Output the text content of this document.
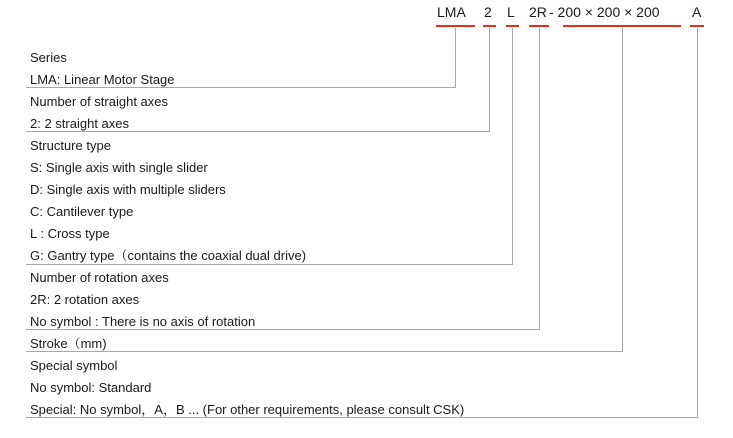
LMA 2 L 2R - 200 × 200 × 200 A
Series
LMA: Linear Motor Stage
Number of straight axes
2: 2 straight axes
Structure type
S: Single axis with single slider
D: Single axis with multiple sliders
C: Cantilever type
L : Cross type
G: Gantry type（contains the coaxial dual drive)
Number of rotation axes
2R: 2 rotation axes
No symbol : There is no axis of rotation
Stroke（mm)
Special symbol
No symbol: Standard
Special: No symbol，A，B ... (For other requirements, please consult CSK)
